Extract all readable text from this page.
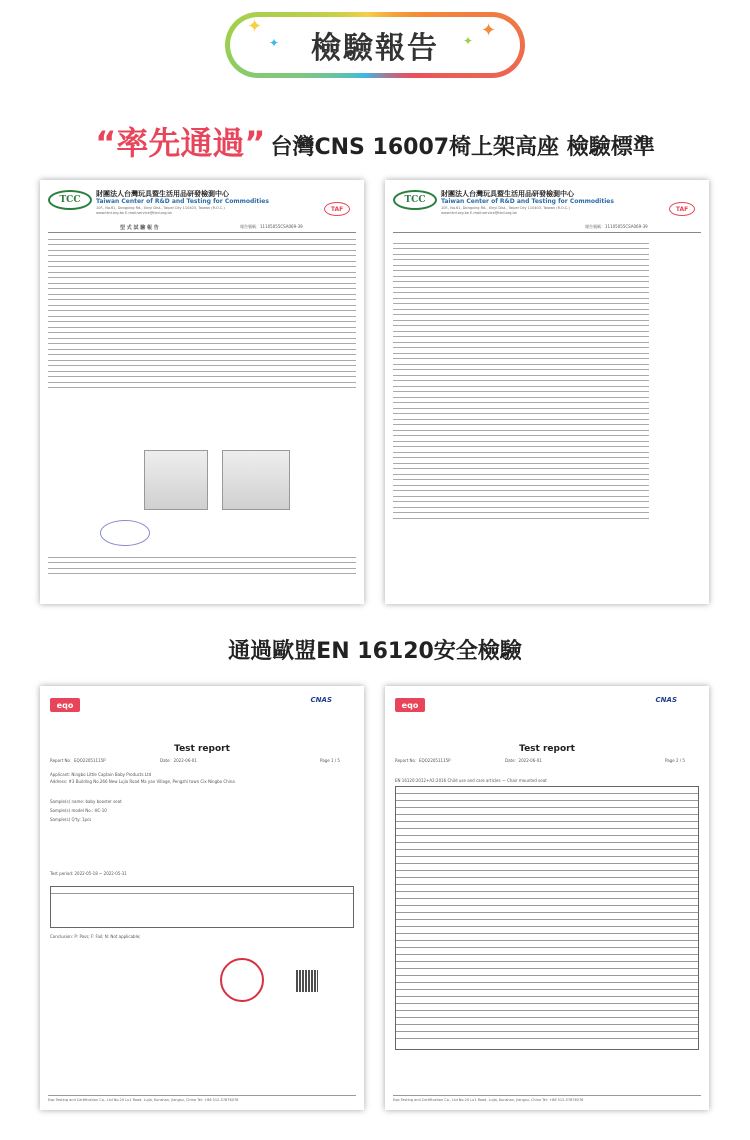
檢驗報告
✦
✦	✦ ✦
“率先通過” 台灣CNS 16007椅上架高座 檢驗標準
TCC
財團法人台灣玩具暨生活用品研發檢測中心
Taiwan Center of R&D and Testing for Commodities
10F., No.61, Dongxing Rd., Xinyi Dist., Taipei City 110403, Taiwan (R.O.C.)
www.ttrd.org.tw E-mail:service@ttrd.org.tw
TAF
型 式 試 驗 報 告	報告號碼：11105055CSA069-39
TCC
財團法人台灣玩具暨生活用品研發檢測中心
Taiwan Center of R&D and Testing for Commodities
10F., No.61, Dongxing Rd., Xinyi Dist., Taipei City 110403, Taiwan (R.O.C.)
www.ttrd.org.tw E-mail:service@ttrd.org.tw
TAF
報告號碼：11105055CSA069-39
通過歐盟EN 16120安全檢驗
eqo
CNAS
Test report
Report No：EQO22051115P	Date：2022-06-01	Page 1 / 5
Applicant: Ningbo Little Captain Baby Products Ltd
Address: #3 Building No.266 New Lujia Road Ma yan Village, Pengzhi town Cix Ningbo China
Sample(s) name: baby booster seat
Sample(s) model No.: HC-10
Sample(s) Q'ty: 1pcs
Test period: 2022-05-18 ~ 2022-05-31
Conclusion: P: Pass; F: Fail; N: Not applicable;
Eqo Testing and Certification Co., Ltd No.20 Lu1 Road, Lujia, Kunshan, Jiangsu, China Tel: +86 512-57876076
eqo
CNAS
Test report
Report No：EQO22051115P	Date：2022-06-01	Page 2 / 5
EN 16120:2012+A2:2016 Child use and care articles — Chair mounted seat
Eqo Testing and Certification Co., Ltd No.20 Lu1 Road, Lujia, Kunshan, Jiangsu, China Tel: +86 512-57876076
